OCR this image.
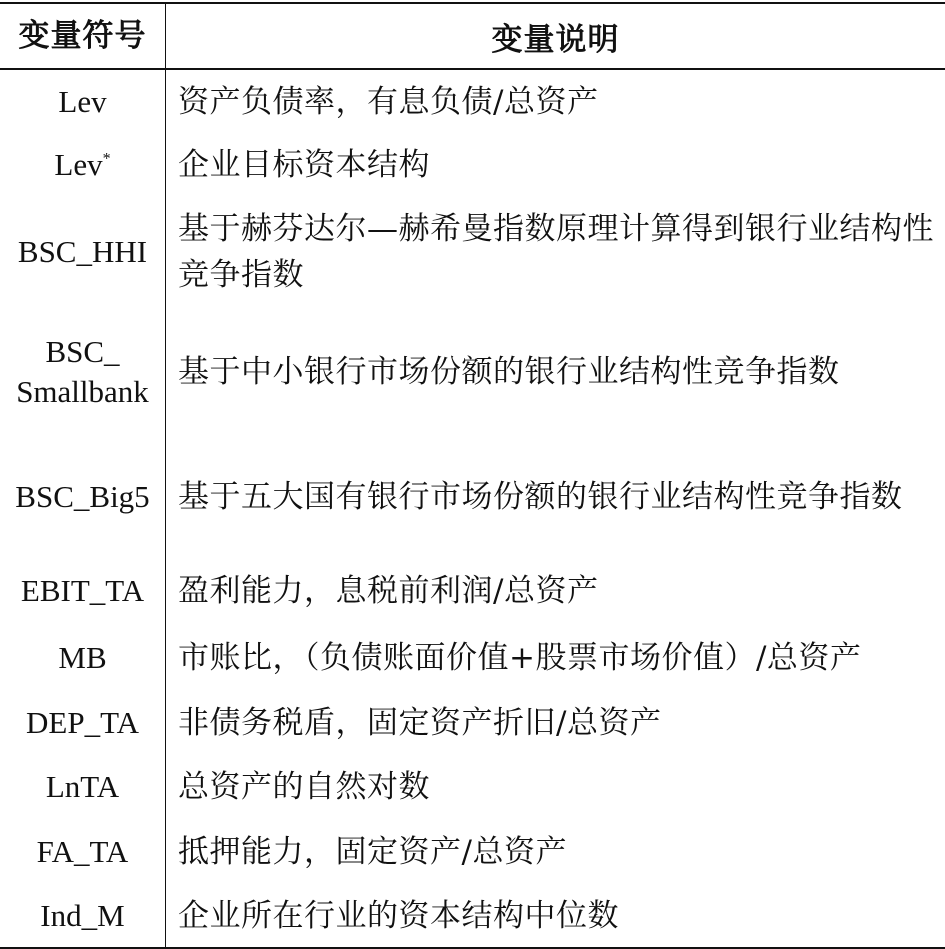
变量符号	变量说明
Lev	资产负债率，有息负债/总资产
Lev*	企业目标资本结构
BSC_HHI	基于赫芬达尔—赫希曼指数原理计算得到银行业结构性竞争指数

BSC_
Smallbank	基于中小银行市场份额的银行业结构性竞争指数
BSC_Big5	基于五大国有银行市场份额的银行业结构性竞争指数
EBIT_TA	盈利能力，息税前利润/总资产
MB	市账比，（负债账面价值+股票市场价值）/总资产
DEP_TA	非债务税盾，固定资产折旧/总资产
LnTA	总资产的自然对数
FA_TA	抵押能力，固定资产/总资产
Ind_M	企业所在行业的资本结构中位数
